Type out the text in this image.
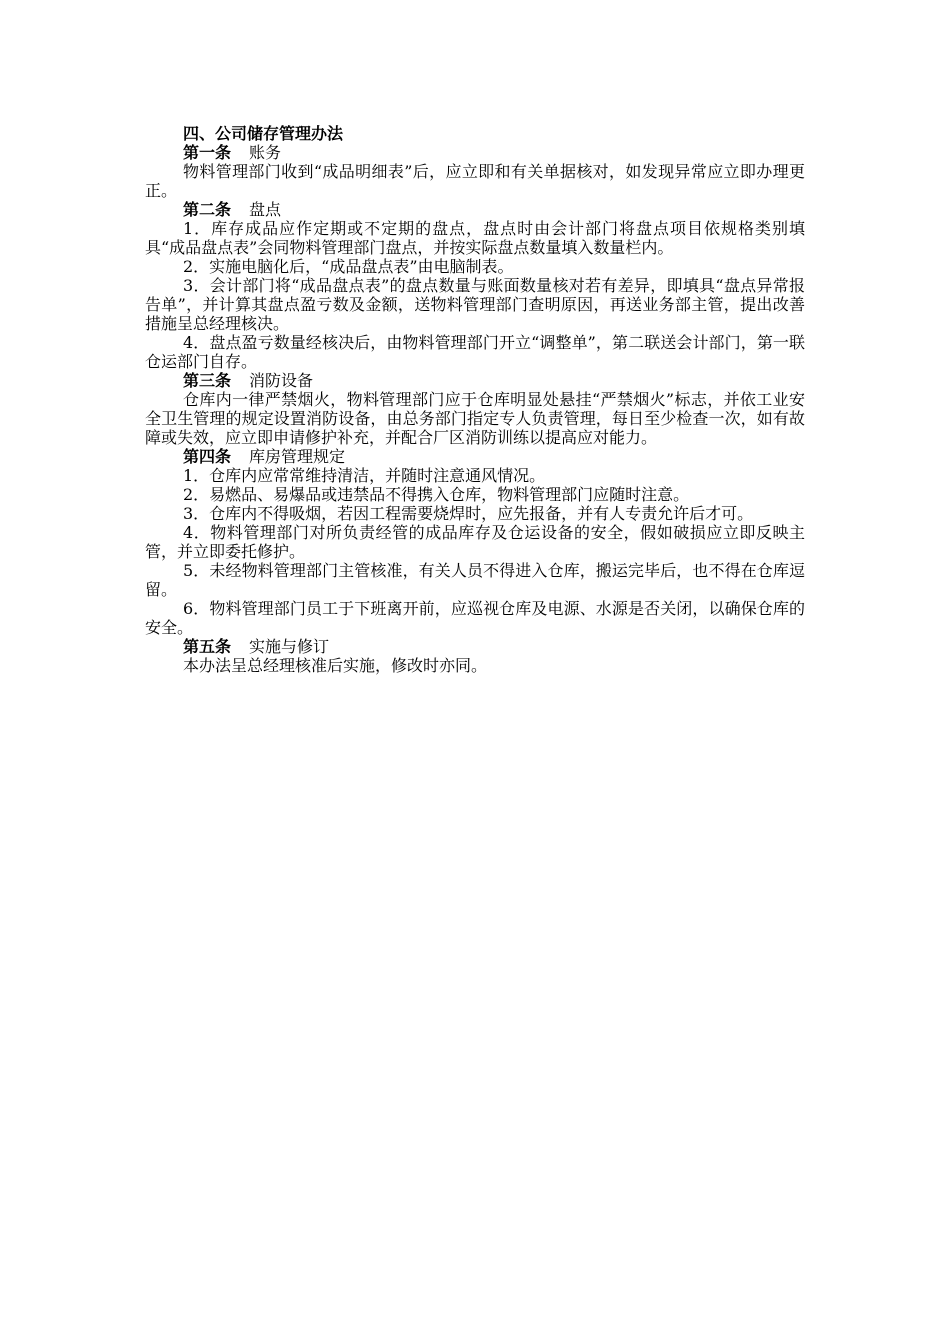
四、公司储存管理办法

第一条 账务

物料管理部门收到“成品明细表”后，应立即和有关单据核对，如发现异常应立即办理更正。

第二条 盘点

1．库存成品应作定期或不定期的盘点，盘点时由会计部门将盘点项目依规格类别填具“成品盘点表”会同物料管理部门盘点，并按实际盘点数量填入数量栏内。

2．实施电脑化后，“成品盘点表”由电脑制表。

3．会计部门将“成品盘点表”的盘点数量与账面数量核对若有差异，即填具“盘点异常报告单”，并计算其盘点盈亏数及金额，送物料管理部门查明原因，再送业务部主管，提出改善措施呈总经理核决。

4．盘点盈亏数量经核决后，由物料管理部门开立“调整单”，第二联送会计部门，第一联仓运部门自存。

第三条 消防设备

仓库内一律严禁烟火，物料管理部门应于仓库明显处悬挂“严禁烟火”标志，并依工业安全卫生管理的规定设置消防设备，由总务部门指定专人负责管理，每日至少检查一次，如有故障或失效，应立即申请修护补充，并配合厂区消防训练以提高应对能力。

第四条 库房管理规定

1．仓库内应常常维持清洁，并随时注意通风情况。

2．易燃品、易爆品或违禁品不得携入仓库，物料管理部门应随时注意。

3．仓库内不得吸烟，若因工程需要烧焊时，应先报备，并有人专责允许后才可。

4．物料管理部门对所负责经管的成品库存及仓运设备的安全，假如破损应立即反映主管，并立即委托修护。

5．未经物料管理部门主管核准，有关人员不得进入仓库，搬运完毕后，也不得在仓库逗留。

6．物料管理部门员工于下班离开前，应巡视仓库及电源、水源是否关闭，以确保仓库的安全。

第五条 实施与修订

本办法呈总经理核准后实施，修改时亦同。
